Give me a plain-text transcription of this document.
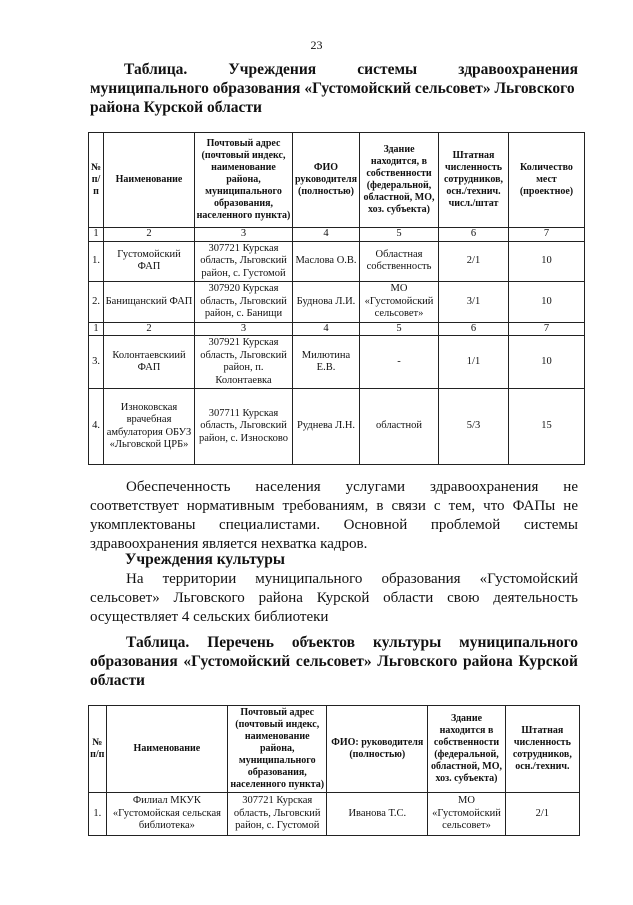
23
Таблица.	Учреждения	системы	здравоохранения
муниципального образования «Густомойский сельсовет» Льговского
района Курской области
№ п/п	Наименование	Почтовый адрес (почтовый индекс, наименование района, муниципального образования, населенного пункта)	ФИО руководителя (полностью)	Здание находится, в собственности (федеральной, областной, МО, хоз. субъекта)	Штатная численность сотрудников, осн./технич. числ./штат	Количество мест (проектное)
1	2	3	4	5	6	7
1.	Густомойский ФАП	307721 Курская область, Льговский район, с. Густомой	Маслова О.В.	Областная собственность	2/1	10
2.	Банищанский ФАП	307920 Курская область, Льговский район, с. Банищи	Буднова Л.И.	МО «Густомойский сельсовет»	3/1	10
1	2	3	4	5	6	7
3.	Колонтаевскиий ФАП	307921 Курская область, Льговский район, п. Колонтаевка	Милютина Е.В.	-	1/1	10
4.	Изноковская врачебная амбулатория ОБУЗ «Льговской ЦРБ»	307711 Курская область, Льговский район, с. Износково	Руднева Л.Н.	областной	5/3	15
Обеспеченность населения услугами здравоохранения не
соответствует нормативным требованиям, в связи с тем, что ФАПы не
укомплектованы специалистами. Основной проблемой системы
здравоохранения является нехватка кадров.
Учреждения культуры
На территории муниципального образования «Густомойский
сельсовет» Льговского района Курской области свою деятельность
осуществляет 4 сельских библиотеки
Таблица. Перечень объектов культуры муниципального
образования «Густомойский сельсовет» Льговского района Курской
области
№ п/п	Наименование	Почтовый адрес (почтовый индекс, наименование района, муниципального образования, населенного пункта)	ФИО: руководителя (полностью)	Здание находится в собственности (федеральной, областной, МО, хоз. субъекта)	Штатная численность сотрудников, осн./технич.
1.	Филиал МКУК «Густомойская сельская библиотека»	307721 Курская область, Льговский район, с. Густомой	Иванова Т.С.	МО «Густомойский сельсовет»	2/1
